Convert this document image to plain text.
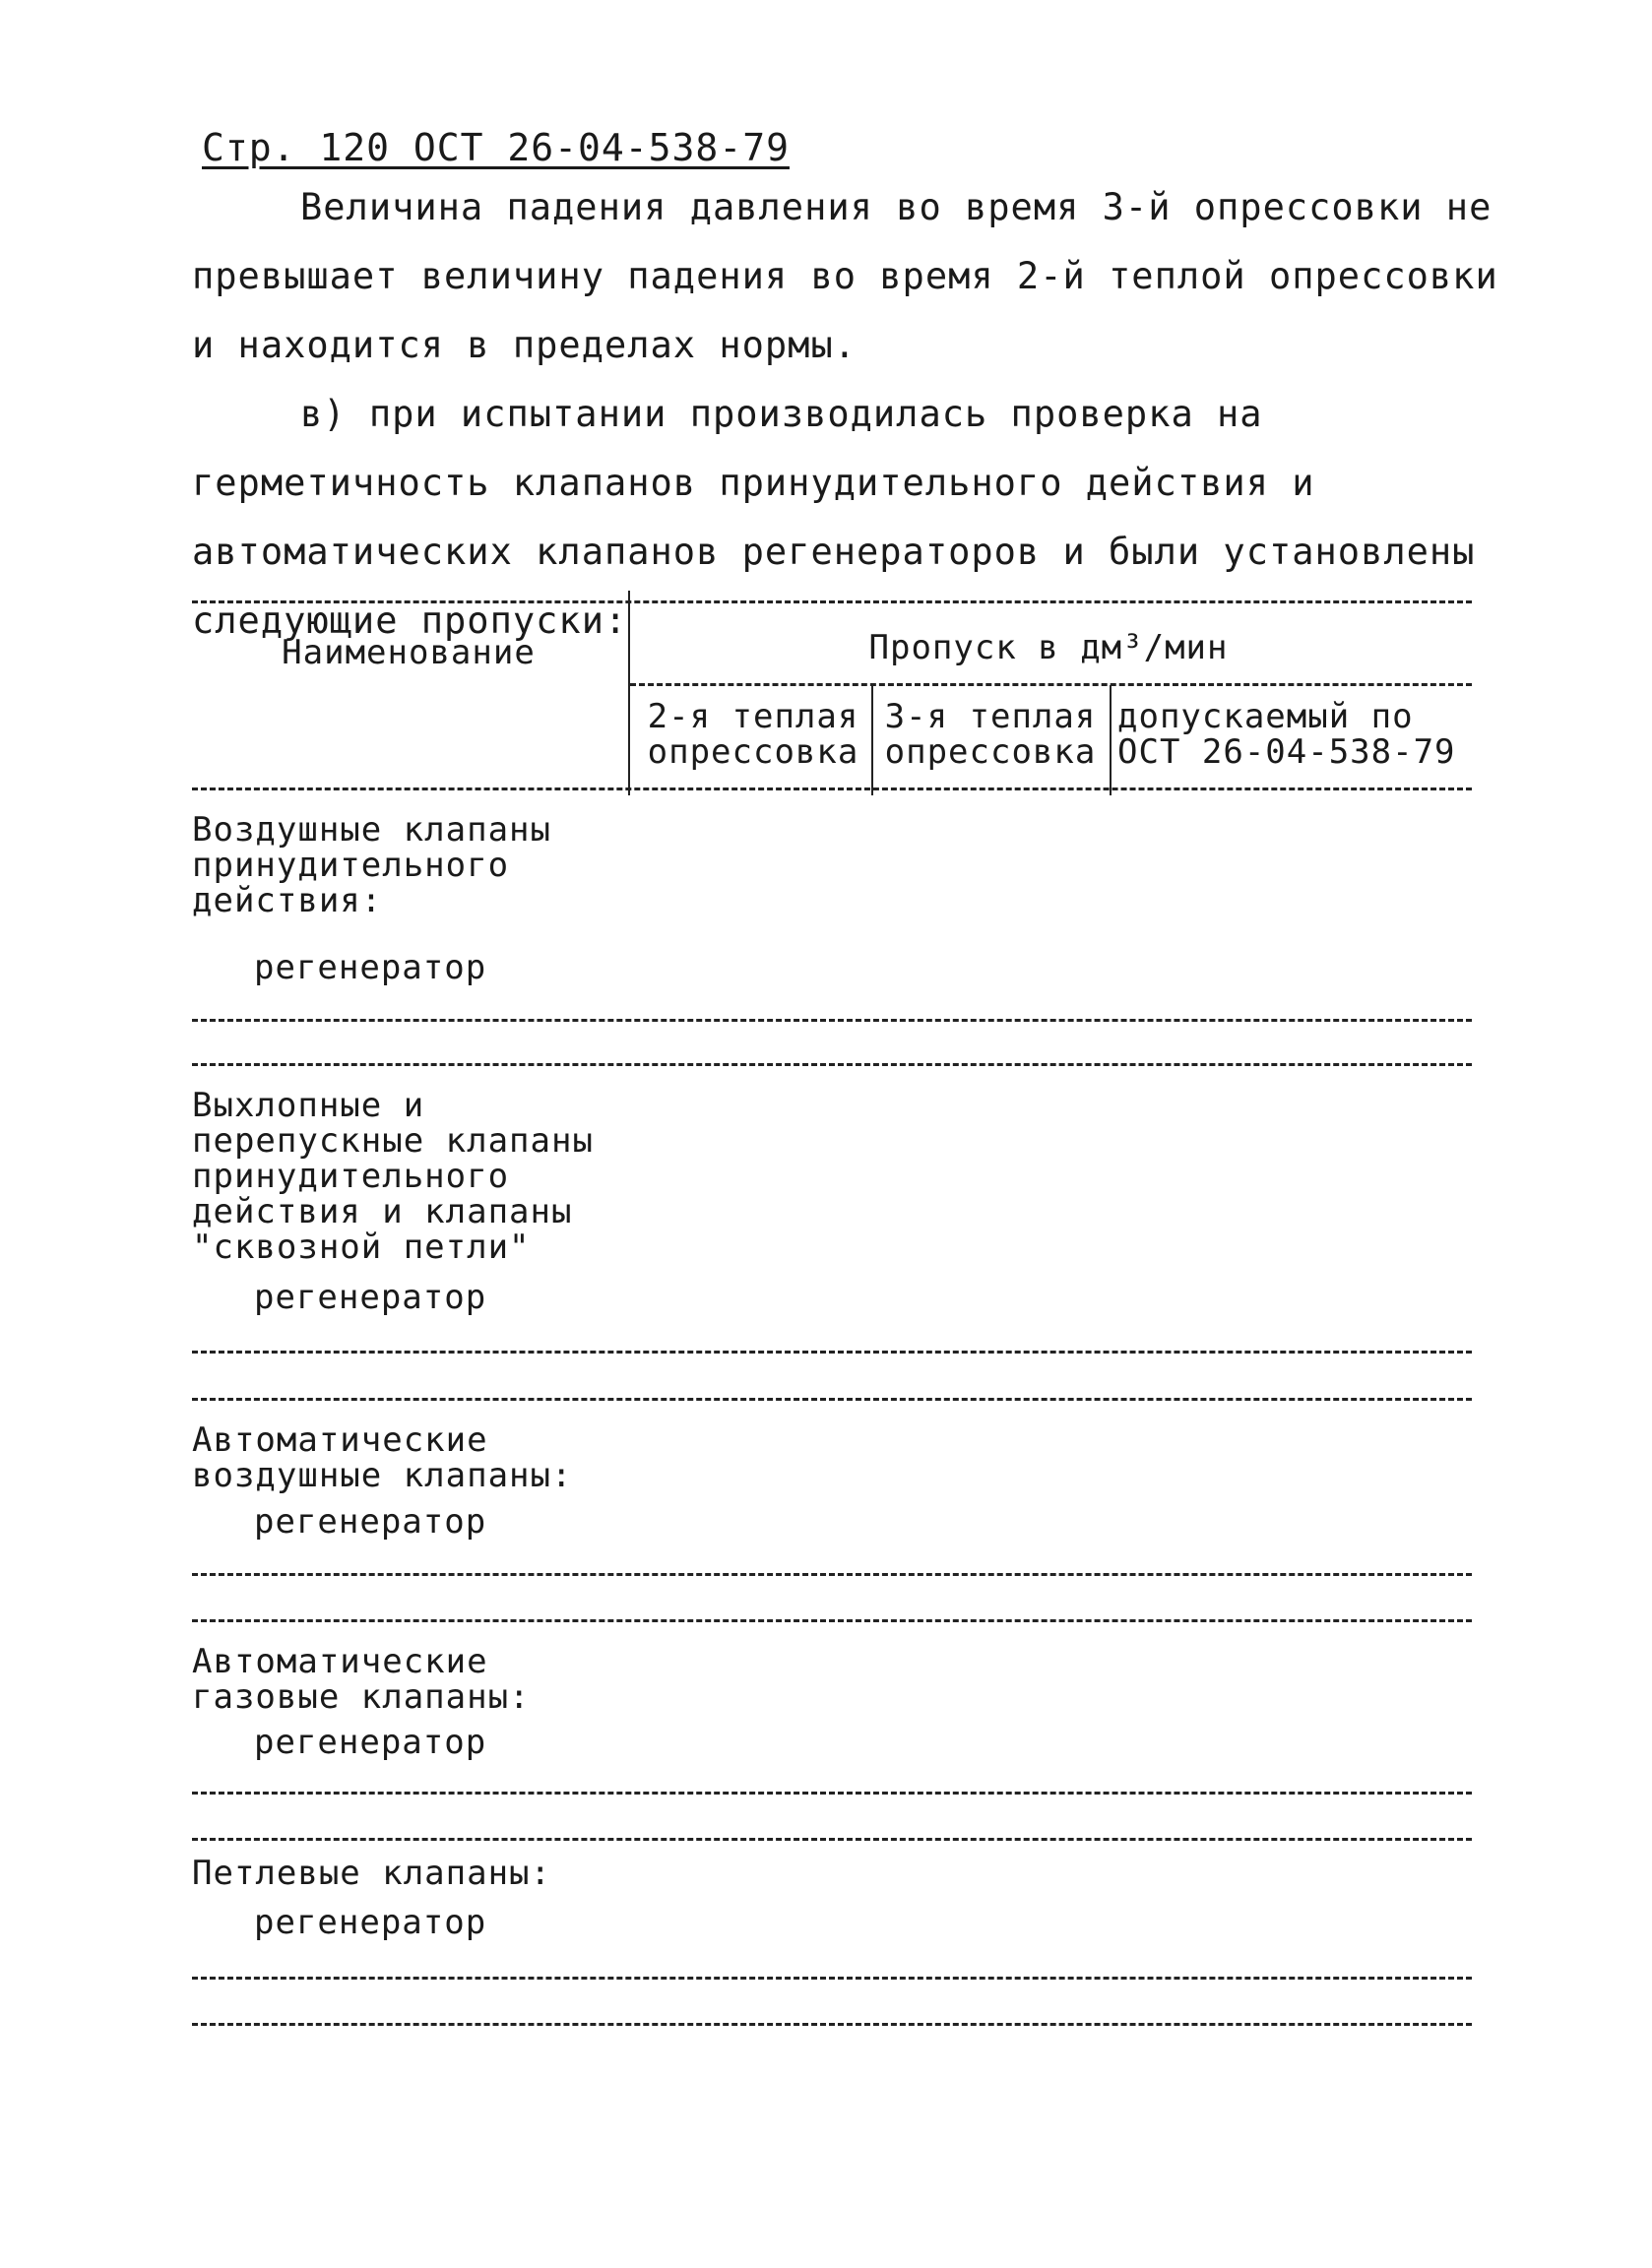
Стр. 120 ОСТ 26-04-538-79
Величина падения давления во время 3-й опрессовки не превышает величину падения во время 2-й теплой опрессовки и находится в пределах нормы.
в) при испытании производилась проверка на герметичность клапанов принудительного действия и автоматических клапанов регенераторов и были установлены следующие пропуски:
Наименование	Пропуск в дм³/мин
2-я теплая
опрессовка
3-я теплая
опрессовка
допускаемый по
ОСТ 26-04-538-79
Воздушные клапаны принудительного действия:
регенератор
Выхлопные и перепускные клапаны принудительного действия и клапаны "сквозной петли"
регенератор
Автоматические воздушные клапаны:
регенератор
Автоматические газовые клапаны:
регенератор
Петлевые клапаны:
регенератор
